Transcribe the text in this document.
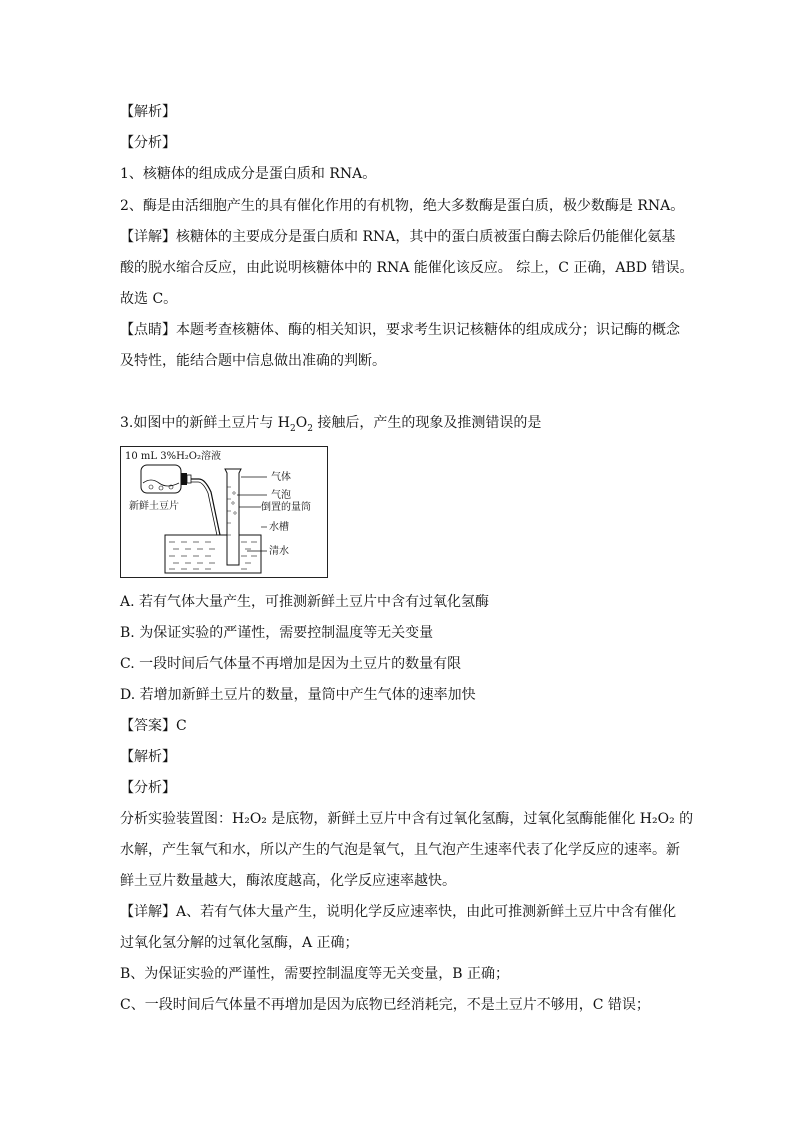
【解析】
【分析】
1、核糖体的组成成分是蛋白质和 RNA。
2、酶是由活细胞产生的具有催化作用的有机物，绝大多数酶是蛋白质，极少数酶是 RNA。
【详解】核糖体的主要成分是蛋白质和 RNA，其中的蛋白质被蛋白酶去除后仍能催化氨基
酸的脱水缩合反应，由此说明核糖体中的 RNA 能催化该反应。 综上，C 正确，ABD 错误。
故选 C。
【点睛】本题考查核糖体、酶的相关知识，要求考生识记核糖体的组成成分；识记酶的概念
及特性，能结合题中信息做出准确的判断。
3.如图中的新鲜土豆片与 $H_2O_2$ 接触后，产生的现象及推测错误的是
A. 若有气体大量产生，可推测新鲜土豆片中含有过氧化氢酶
B. 为保证实验的严谨性，需要控制温度等无关变量
C. 一段时间后气体量不再增加是因为土豆片的数量有限
D. 若增加新鲜土豆片的数量，量筒中产生气体的速率加快
【答案】C
【解析】
【分析】
分析实验装置图：H₂O₂ 是底物，新鲜土豆片中含有过氧化氢酶，过氧化氢酶能催化 H₂O₂ 的
水解，产生氧气和水，所以产生的气泡是氧气，且气泡产生速率代表了化学反应的速率。新
鲜土豆片数量越大，酶浓度越高，化学反应速率越快。
【详解】A、若有气体大量产生，说明化学反应速率快，由此可推测新鲜土豆片中含有催化
过氧化氢分解的过氧化氢酶，A 正确；
B、为保证实验的严谨性，需要控制温度等无关变量，B 正确；
C、一段时间后气体量不再增加是因为底物已经消耗完，不是土豆片不够用，C 错误；
10 mL 3%H₂O₂溶液
新鲜土豆片
气体
气泡
倒置的量筒
水槽
清水
